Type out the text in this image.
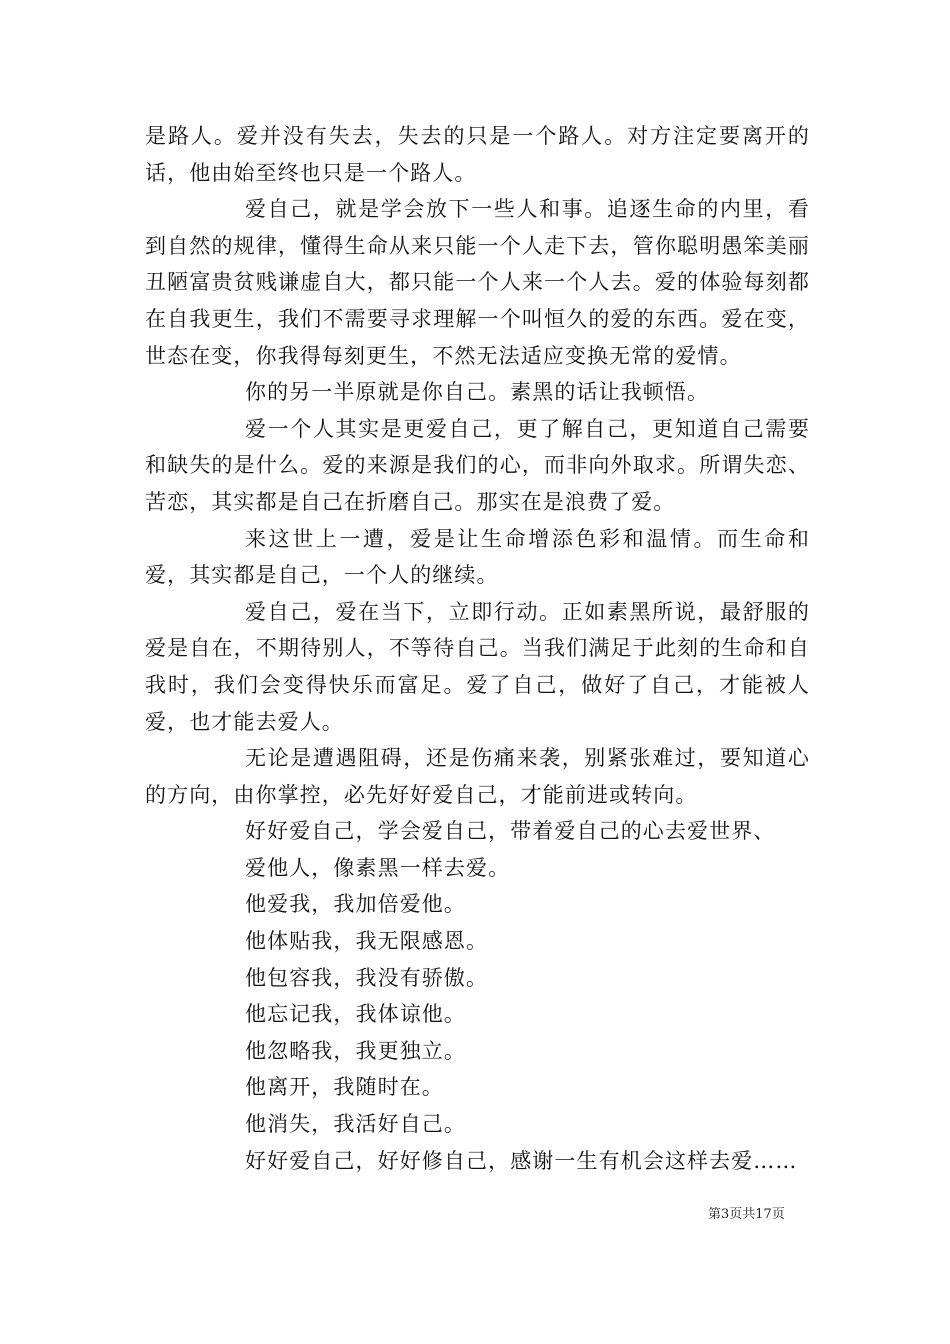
是路人。爱并没有失去，失去的只是一个路人。对方注定要离开的话，他由始至终也只是一个路人。

爱自己，就是学会放下一些人和事。追逐生命的内里，看到自然的规律，懂得生命从来只能一个人走下去，管你聪明愚笨美丽丑陋富贵贫贱谦虚自大，都只能一个人来一个人去。爱的体验每刻都在自我更生，我们不需要寻求理解一个叫恒久的爱的东西。爱在变，世态在变，你我得每刻更生，不然无法适应变换无常的爱情。

你的另一半原就是你自己。素黑的话让我顿悟。

爱一个人其实是更爱自己，更了解自己，更知道自己需要和缺失的是什么。爱的来源是我们的心，而非向外取求。所谓失恋、苦恋，其实都是自己在折磨自己。那实在是浪费了爱。

来这世上一遭，爱是让生命增添色彩和温情。而生命和爱，其实都是自己，一个人的继续。

爱自己，爱在当下，立即行动。正如素黑所说，最舒服的爱是自在，不期待别人，不等待自己。当我们满足于此刻的生命和自我时，我们会变得快乐而富足。爱了自己，做好了自己，才能被人爱，也才能去爱人。

无论是遭遇阻碍，还是伤痛来袭，别紧张难过，要知道心的方向，由你掌控，必先好好爱自己，才能前进或转向。

好好爱自己，学会爱自己，带着爱自己的心去爱世界、

爱他人，像素黑一样去爱。

他爱我，我加倍爱他。

他体贴我，我无限感恩。

他包容我，我没有骄傲。

他忘记我，我体谅他。

他忽略我，我更独立。

他离开，我随时在。

他消失，我活好自己。

好好爱自己，好好修自己，感谢一生有机会这样去爱……

第3页共17页
